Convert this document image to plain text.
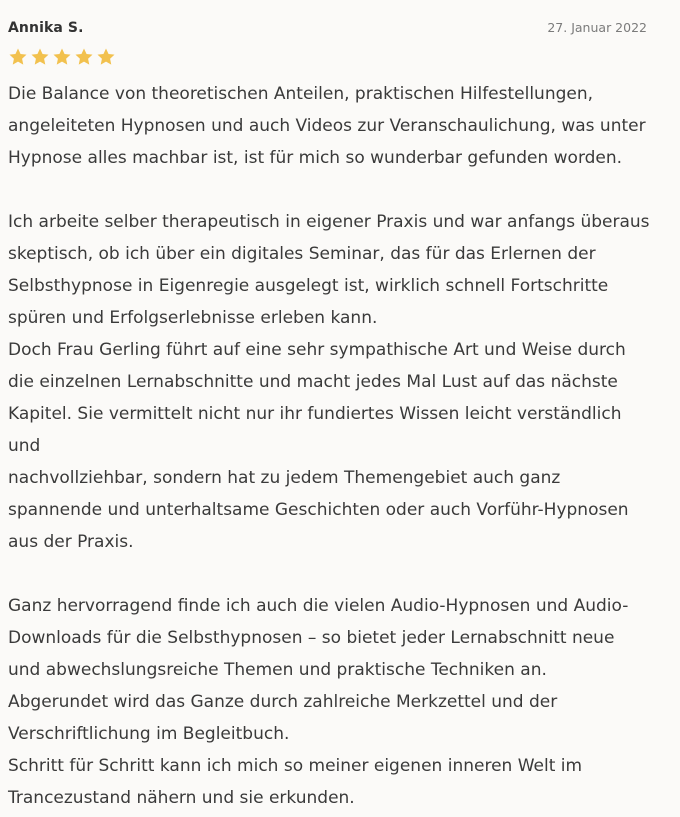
Annika S.	27. Januar 2022

Die Balance von theoretischen Anteilen, praktischen Hilfestellungen,
angeleiteten Hypnosen und auch Videos zur Veranschaulichung, was unter
Hypnose alles machbar ist, ist für mich so wunderbar gefunden worden.

Ich arbeite selber therapeutisch in eigener Praxis und war anfangs überaus
skeptisch, ob ich über ein digitales Seminar, das für das Erlernen der
Selbsthypnose in Eigenregie ausgelegt ist, wirklich schnell Fortschritte
spüren und Erfolgserlebnisse erleben kann.
Doch Frau Gerling führt auf eine sehr sympathische Art und Weise durch
die einzelnen Lernabschnitte und macht jedes Mal Lust auf das nächste
Kapitel. Sie vermittelt nicht nur ihr fundiertes Wissen leicht verständlich und
nachvollziehbar, sondern hat zu jedem Themengebiet auch ganz
spannende und unterhaltsame Geschichten oder auch Vorführ-Hypnosen
aus der Praxis.

Ganz hervorragend finde ich auch die vielen Audio-Hypnosen und Audio-
Downloads für die Selbsthypnosen – so bietet jeder Lernabschnitt neue
und abwechslungsreiche Themen und praktische Techniken an.
Abgerundet wird das Ganze durch zahlreiche Merkzettel und der
Verschriftlichung im Begleitbuch.
Schritt für Schritt kann ich mich so meiner eigenen inneren Welt im
Trancezustand nähern und sie erkunden.
